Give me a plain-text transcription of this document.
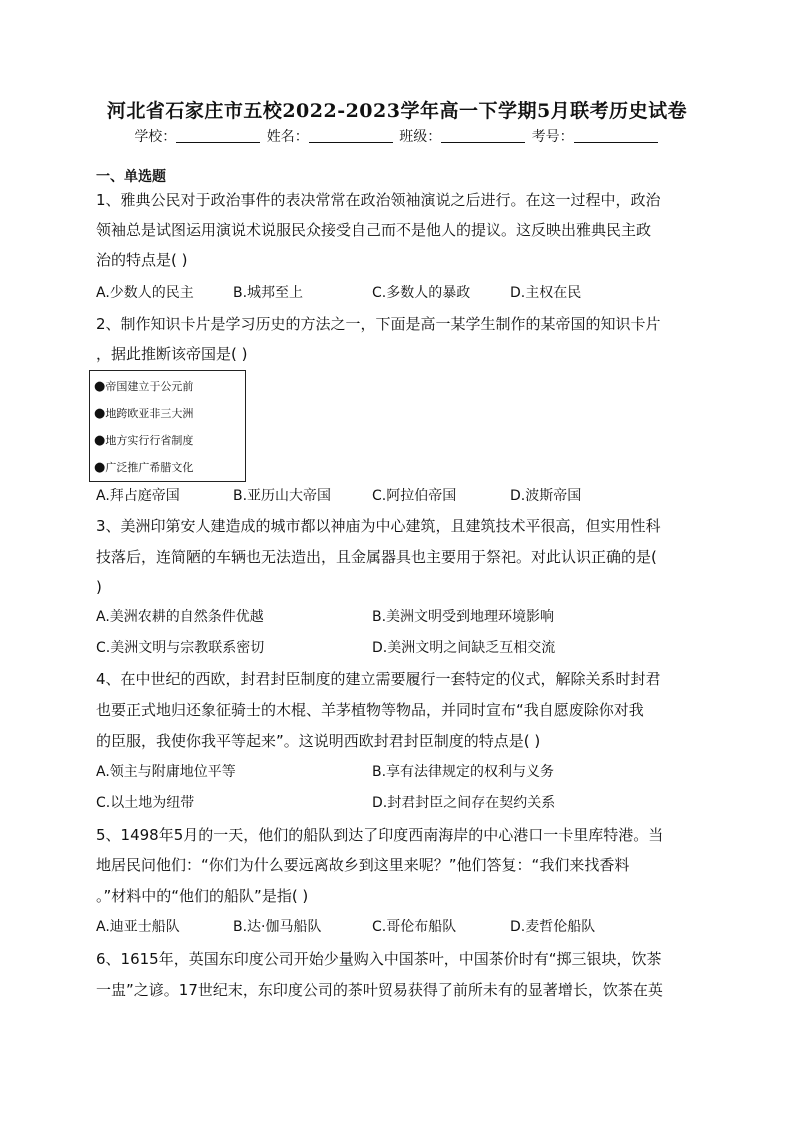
河北省石家庄市五校2022-2023学年高一下学期5月联考历史试卷
学校：	姓名：	班级：	考号：
一、单选题
1、雅典公民对于政治事件的表决常常在政治领袖演说之后进行。在这一过程中，政治
领袖总是试图运用演说术说服民众接受自己而不是他人的提议。这反映出雅典民主政
治的特点是( )
A.少数人的民主	B.城邦至上	C.多数人的暴政	D.主权在民
2、制作知识卡片是学习历史的方法之一，下面是高一某学生制作的某帝国的知识卡片
，据此推断该帝国是( )
●帝国建立于公元前
●地跨欧亚非三大洲
●地方实行行省制度
●广泛推广希腊文化
A.拜占庭帝国	B.亚历山大帝国	C.阿拉伯帝国	D.波斯帝国
3、美洲印第安人建造成的城市都以神庙为中心建筑，且建筑技术平很高，但实用性科
技落后，连简陋的车辆也无法造出，且金属器具也主要用于祭祀。对此认识正确的是(
)
A.美洲农耕的自然条件优越	B.美洲文明受到地理环境影响
C.美洲文明与宗教联系密切	D.美洲文明之间缺乏互相交流
4、在中世纪的西欧，封君封臣制度的建立需要履行一套特定的仪式，解除关系时封君
也要正式地归还象征骑士的木棍、羊茅植物等物品，并同时宣布“我自愿废除你对我
的臣服，我使你我平等起来”。这说明西欧封君封臣制度的特点是( )
A.领主与附庸地位平等	B.享有法律规定的权利与义务
C.以土地为纽带	D.封君封臣之间存在契约关系
5、1498年5月的一天，他们的船队到达了印度西南海岸的中心港口一卡里库特港。当
地居民问他们：“你们为什么要远离故乡到这里来呢？”他们答复：“我们来找香料
。”材料中的“他们的船队”是指( )
A.迪亚士船队	B.达·伽马船队	C.哥伦布船队	D.麦哲伦船队
6、1615年，英国东印度公司开始少量购入中国茶叶，中国茶价时有“掷三银块，饮茶
一盅”之谚。17世纪末，东印度公司的茶叶贸易获得了前所未有的显著增长，饮茶在英
